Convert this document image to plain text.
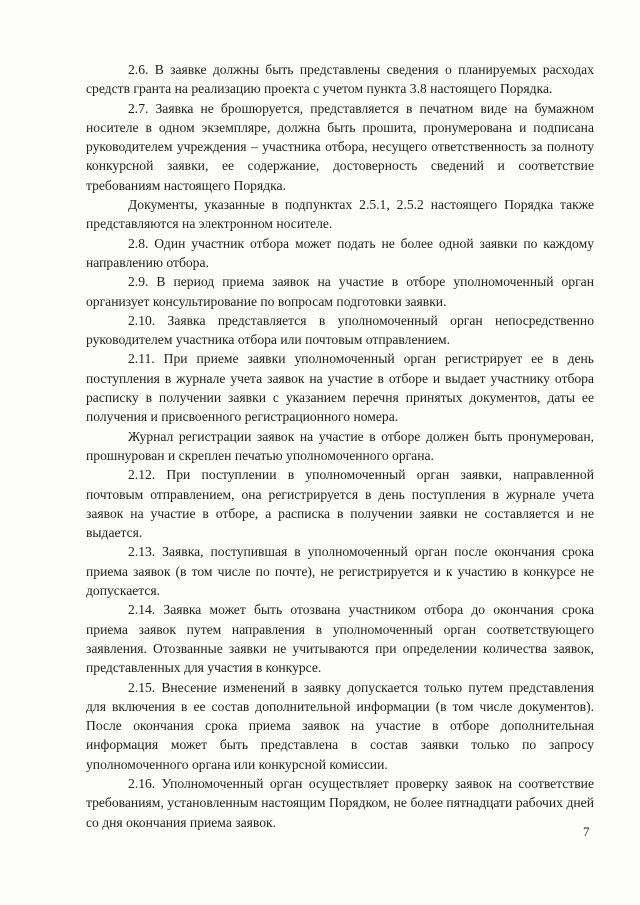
2.6. В заявке должны быть представлены сведения о планируемых расходах средств гранта на реализацию проекта с учетом пункта 3.8 настоящего Порядка.

2.7. Заявка не брошюруется, представляется в печатном виде на бумажном носителе в одном экземпляре, должна быть прошита, пронумерована и подписана руководителем учреждения – участника отбора, несущего ответственность за полноту конкурсной заявки, ее содержание, достоверность сведений и соответствие требованиям настоящего Порядка.

Документы, указанные в подпунктах 2.5.1, 2.5.2 настоящего Порядка также представляются на электронном носителе.

2.8. Один участник отбора может подать не более одной заявки по каждому направлению отбора.

2.9. В период приема заявок на участие в отборе уполномоченный орган организует консультирование по вопросам подготовки заявки.

2.10. Заявка представляется в уполномоченный орган непосредственно руководителем участника отбора или почтовым отправлением.

2.11. При приеме заявки уполномоченный орган регистрирует ее в день поступления в журнале учета заявок на участие в отборе и выдает участнику отбора расписку в получении заявки с указанием перечня принятых документов, даты ее получения и присвоенного регистрационного номера.

Журнал регистрации заявок на участие в отборе должен быть пронумерован, прошнурован и скреплен печатью уполномоченного органа.

2.12. При поступлении в уполномоченный орган заявки, направленной почтовым отправлением, она регистрируется в день поступления в журнале учета заявок на участие в отборе, а расписка в получении заявки не составляется и не выдается.

2.13. Заявка, поступившая в уполномоченный орган после окончания срока приема заявок (в том числе по почте), не регистрируется и к участию в конкурсе не допускается.

2.14. Заявка может быть отозвана участником отбора до окончания срока приема заявок путем направления в уполномоченный орган соответствующего заявления. Отозванные заявки не учитываются при определении количества заявок, представленных для участия в конкурсе.

2.15. Внесение изменений в заявку допускается только путем представления для включения в ее состав дополнительной информации (в том числе документов). После окончания срока приема заявок на участие в отборе дополнительная информация может быть представлена в состав заявки только по запросу уполномоченного органа или конкурсной комиссии.

2.16. Уполномоченный орган осуществляет проверку заявок на соответствие требованиям, установленным настоящим Порядком, не более пятнадцати рабочих дней со дня окончания приема заявок.

7
